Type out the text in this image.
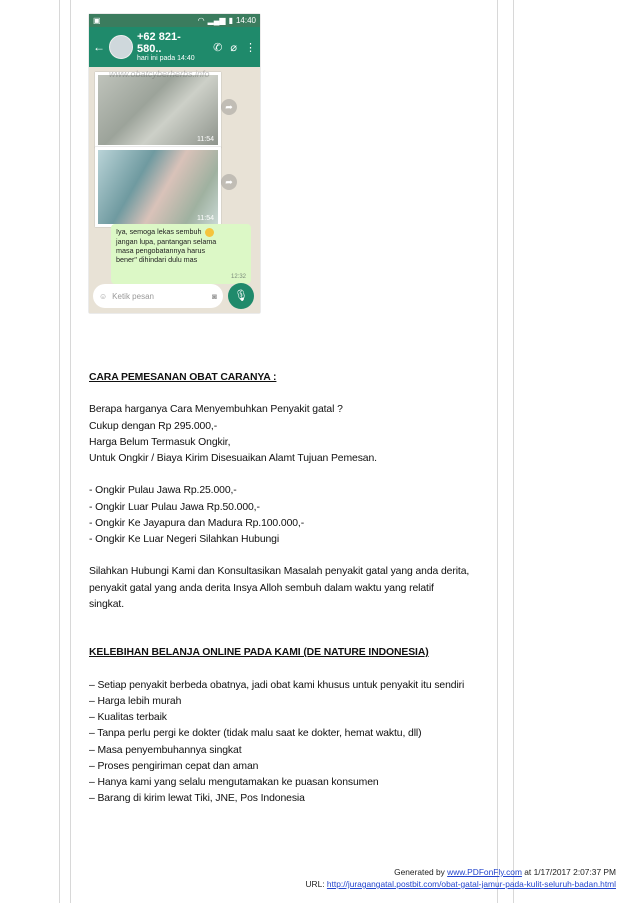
▣	◠ ▂▄▆ ▮ 14:40
←
+62 821-580..
hari ini pada 14:40
✆ ⌀ ⋮
11:54
www.obatcyberherbs.info
➦
11:54
➦
Iya, semoga lekas sembuh
jangan lupa, pantangan selama
masa pengobatannya harus
bener" dihindari dulu mas
12:32
☺ Ketik pesan	◙	🎙

CARA PEMESANAN OBAT CARANYA :

Berapa harganya Cara Menyembuhkan Penyakit gatal ?

Cukup dengan Rp 295.000,-

Harga Belum Termasuk Ongkir,

Untuk Ongkir / Biaya Kirim Disesuaikan Alamt Tujuan Pemesan.

- Ongkir Pulau Jawa Rp.25.000,-

- Ongkir Luar Pulau Jawa Rp.50.000,-

- Ongkir Ke Jayapura dan Madura Rp.100.000,-

- Ongkir Ke Luar Negeri Silahkan Hubungi

Silahkan Hubungi Kami dan Konsultasikan Masalah penyakit gatal yang anda derita,

penyakit gatal yang anda derita Insya Alloh sembuh dalam waktu yang relatif

singkat.

KELEBIHAN BELANJA ONLINE PADA KAMI (DE NATURE INDONESIA)

– Setiap penyakit berbeda obatnya, jadi obat kami khusus untuk penyakit itu sendiri

– Harga lebih murah

– Kualitas terbaik

– Tanpa perlu pergi ke dokter (tidak malu saat ke dokter, hemat waktu, dll)

– Masa penyembuhannya singkat

– Proses pengiriman cepat dan aman

– Hanya kami yang selalu mengutamakan ke puasan konsumen

– Barang di kirim lewat Tiki, JNE, Pos Indonesia

Generated by www.PDFonFly.com at 1/17/2017 2:07:37 PM
URL: http://juragangatal.postbit.com/obat-gatal-jamur-pada-kulit-seluruh-badan.html
